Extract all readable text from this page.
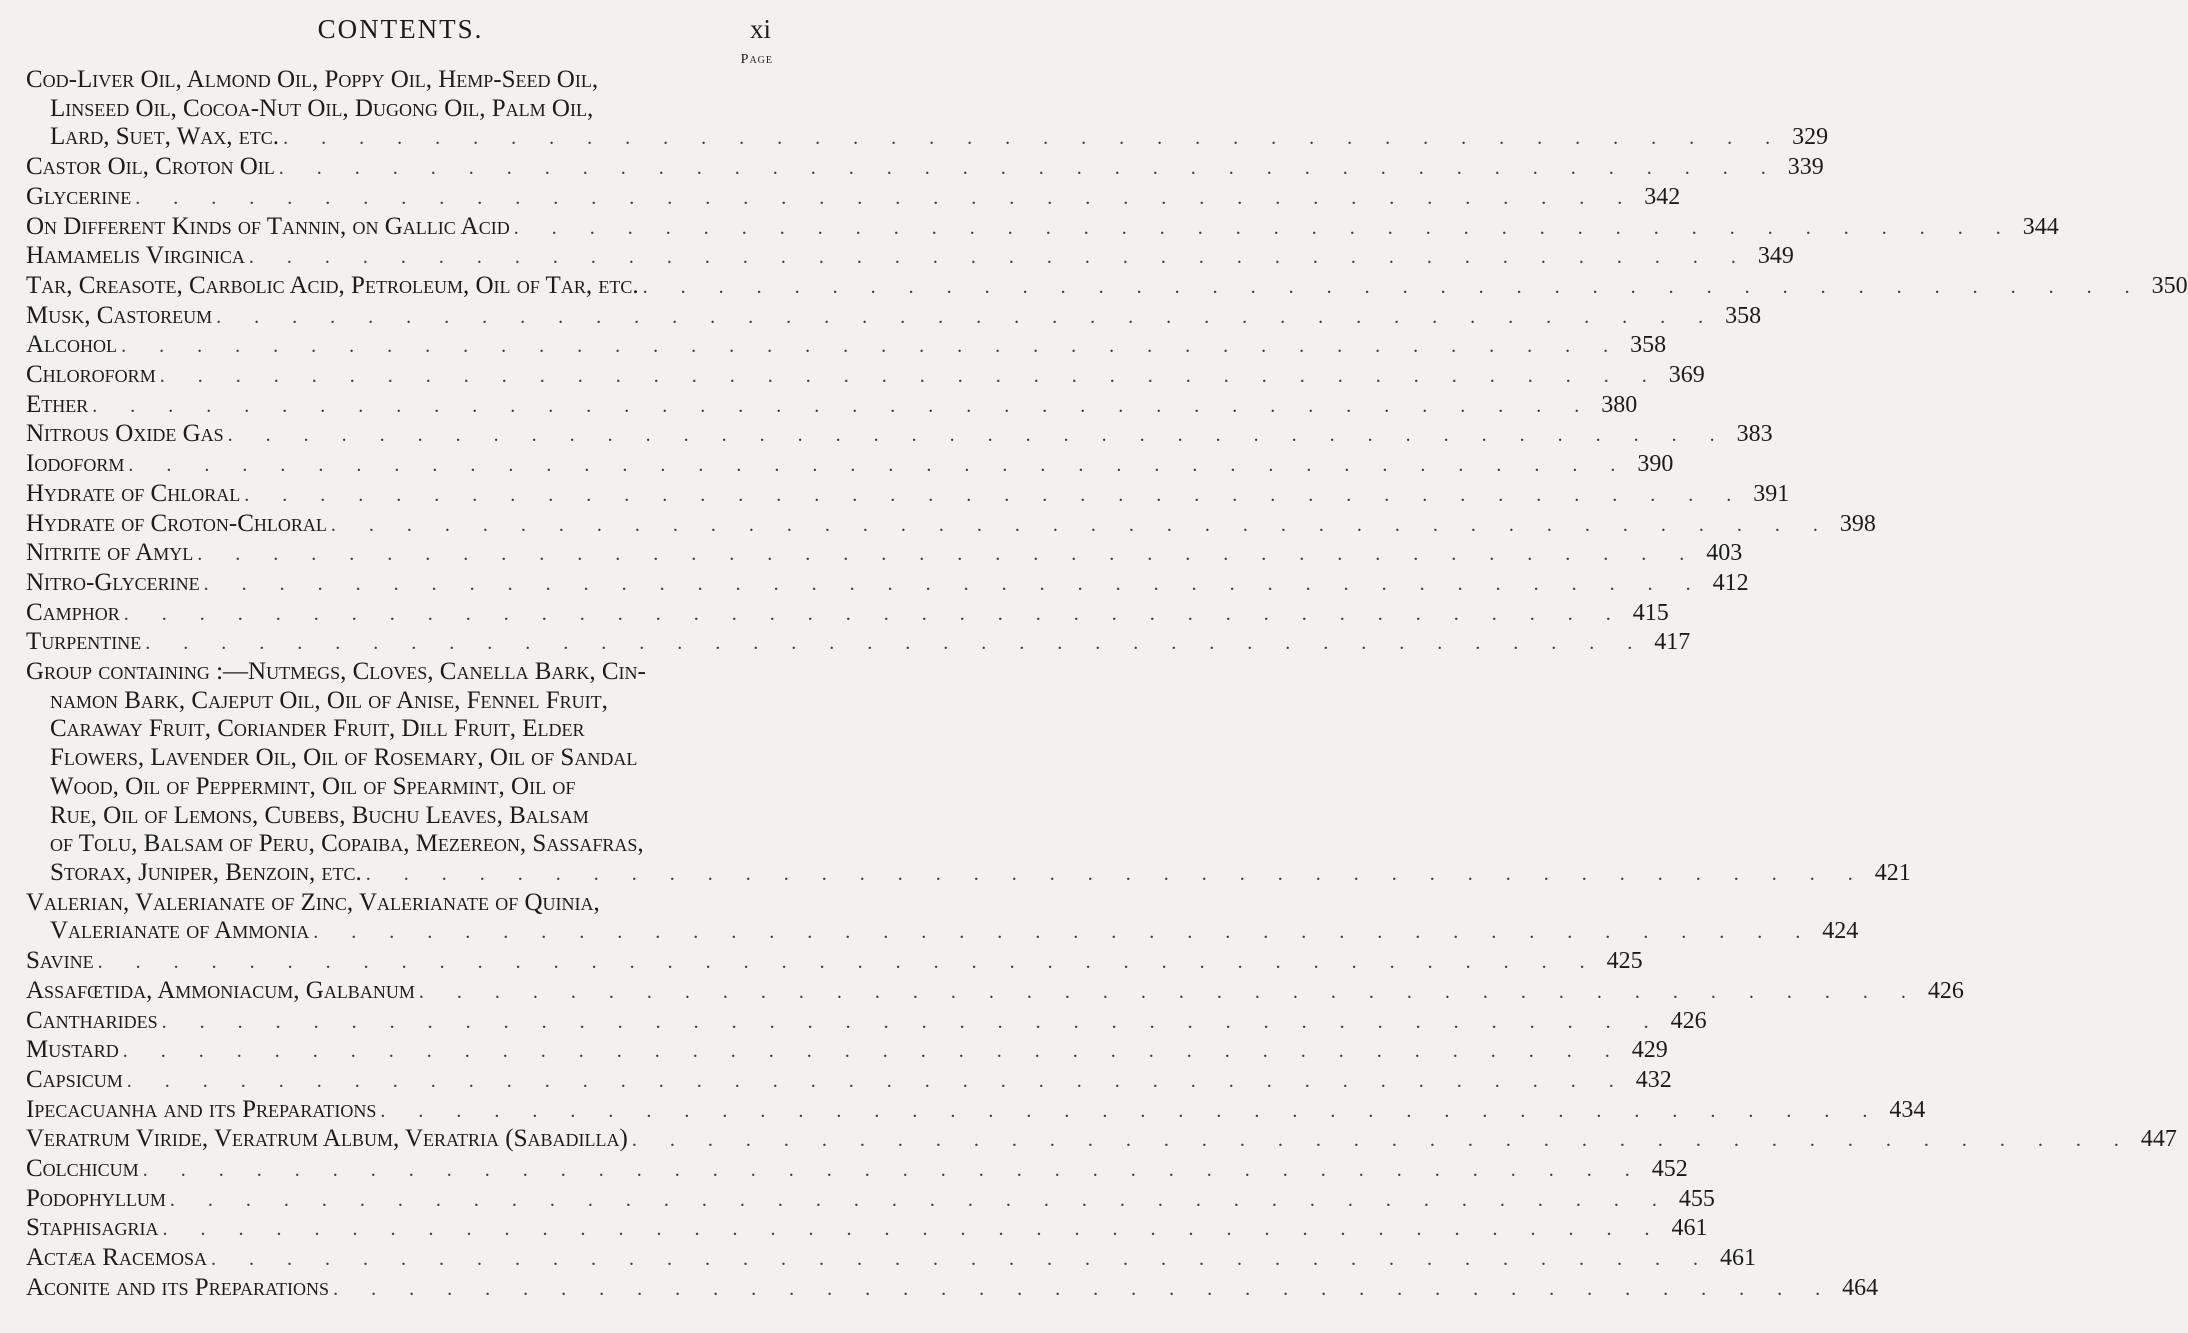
CONTENTS.	xi
Page
Cod-Liver Oil, Almond Oil, Poppy Oil, Hemp-Seed Oil,
Linseed Oil, Cocoa-Nut Oil, Dugong Oil, Palm Oil,
Lard, Suet, Wax, etc. . . . . . . . . . . . . . . . . . . . . . . . . . . . . . . . . . . . . . . . . 329
Castor Oil, Croton Oil . . . . . . . . . . . . . . . . . . . . . . . . . . . . . . . . . . . . . . . . 339
Glycerine . . . . . . . . . . . . . . . . . . . . . . . . . . . . . . . . . . . . . . . . 342
On Different Kinds of Tannin, on Gallic Acid . . . . . . . . . . . . . . . . . . . . . . . . . . . . . . . . . . . . . . . . 344
Hamamelis Virginica . . . . . . . . . . . . . . . . . . . . . . . . . . . . . . . . . . . . . . . . 349
Tar, Creasote, Carbolic Acid, Petroleum, Oil of Tar, etc. . . . . . . . . . . . . . . . . . . . . . . . . . . . . . . . . . . . . . . . . 350
Musk, Castoreum . . . . . . . . . . . . . . . . . . . . . . . . . . . . . . . . . . . . . . . . 358
Alcohol . . . . . . . . . . . . . . . . . . . . . . . . . . . . . . . . . . . . . . . . 358
Chloroform . . . . . . . . . . . . . . . . . . . . . . . . . . . . . . . . . . . . . . . . 369
Ether . . . . . . . . . . . . . . . . . . . . . . . . . . . . . . . . . . . . . . . . 380
Nitrous Oxide Gas . . . . . . . . . . . . . . . . . . . . . . . . . . . . . . . . . . . . . . . . 383
Iodoform . . . . . . . . . . . . . . . . . . . . . . . . . . . . . . . . . . . . . . . . 390
Hydrate of Chloral . . . . . . . . . . . . . . . . . . . . . . . . . . . . . . . . . . . . . . . . 391
Hydrate of Croton-Chloral . . . . . . . . . . . . . . . . . . . . . . . . . . . . . . . . . . . . . . . . 398
Nitrite of Amyl . . . . . . . . . . . . . . . . . . . . . . . . . . . . . . . . . . . . . . . . 403
Nitro-Glycerine . . . . . . . . . . . . . . . . . . . . . . . . . . . . . . . . . . . . . . . . 412
Camphor . . . . . . . . . . . . . . . . . . . . . . . . . . . . . . . . . . . . . . . . 415
Turpentine . . . . . . . . . . . . . . . . . . . . . . . . . . . . . . . . . . . . . . . . 417
Group containing :—Nutmegs, Cloves, Canella Bark, Cin-
namon Bark, Cajeput Oil, Oil of Anise, Fennel Fruit,
Caraway Fruit, Coriander Fruit, Dill Fruit, Elder
Flowers, Lavender Oil, Oil of Rosemary, Oil of Sandal
Wood, Oil of Peppermint, Oil of Spearmint, Oil of
Rue, Oil of Lemons, Cubebs, Buchu Leaves, Balsam
of Tolu, Balsam of Peru, Copaiba, Mezereon, Sassafras,
Storax, Juniper, Benzoin, etc. . . . . . . . . . . . . . . . . . . . . . . . . . . . . . . . . . . . . . . . . 421
Valerian, Valerianate of Zinc, Valerianate of Quinia,
Valerianate of Ammonia . . . . . . . . . . . . . . . . . . . . . . . . . . . . . . . . . . . . . . . . 424
Savine . . . . . . . . . . . . . . . . . . . . . . . . . . . . . . . . . . . . . . . . 425
Assafœtida, Ammoniacum, Galbanum . . . . . . . . . . . . . . . . . . . . . . . . . . . . . . . . . . . . . . . . 426
Cantharides . . . . . . . . . . . . . . . . . . . . . . . . . . . . . . . . . . . . . . . . 426
Mustard . . . . . . . . . . . . . . . . . . . . . . . . . . . . . . . . . . . . . . . . 429
Capsicum . . . . . . . . . . . . . . . . . . . . . . . . . . . . . . . . . . . . . . . . 432
Ipecacuanha and its Preparations . . . . . . . . . . . . . . . . . . . . . . . . . . . . . . . . . . . . . . . . 434
Veratrum Viride, Veratrum Album, Veratria (Sabadilla) . . . . . . . . . . . . . . . . . . . . . . . . . . . . . . . . . . . . . . . . 447
Colchicum . . . . . . . . . . . . . . . . . . . . . . . . . . . . . . . . . . . . . . . . 452
Podophyllum . . . . . . . . . . . . . . . . . . . . . . . . . . . . . . . . . . . . . . . . 455
Staphisagria . . . . . . . . . . . . . . . . . . . . . . . . . . . . . . . . . . . . . . . . 461
Actæa Racemosa . . . . . . . . . . . . . . . . . . . . . . . . . . . . . . . . . . . . . . . . 461
Aconite and its Preparations . . . . . . . . . . . . . . . . . . . . . . . . . . . . . . . . . . . . . . . . 464
